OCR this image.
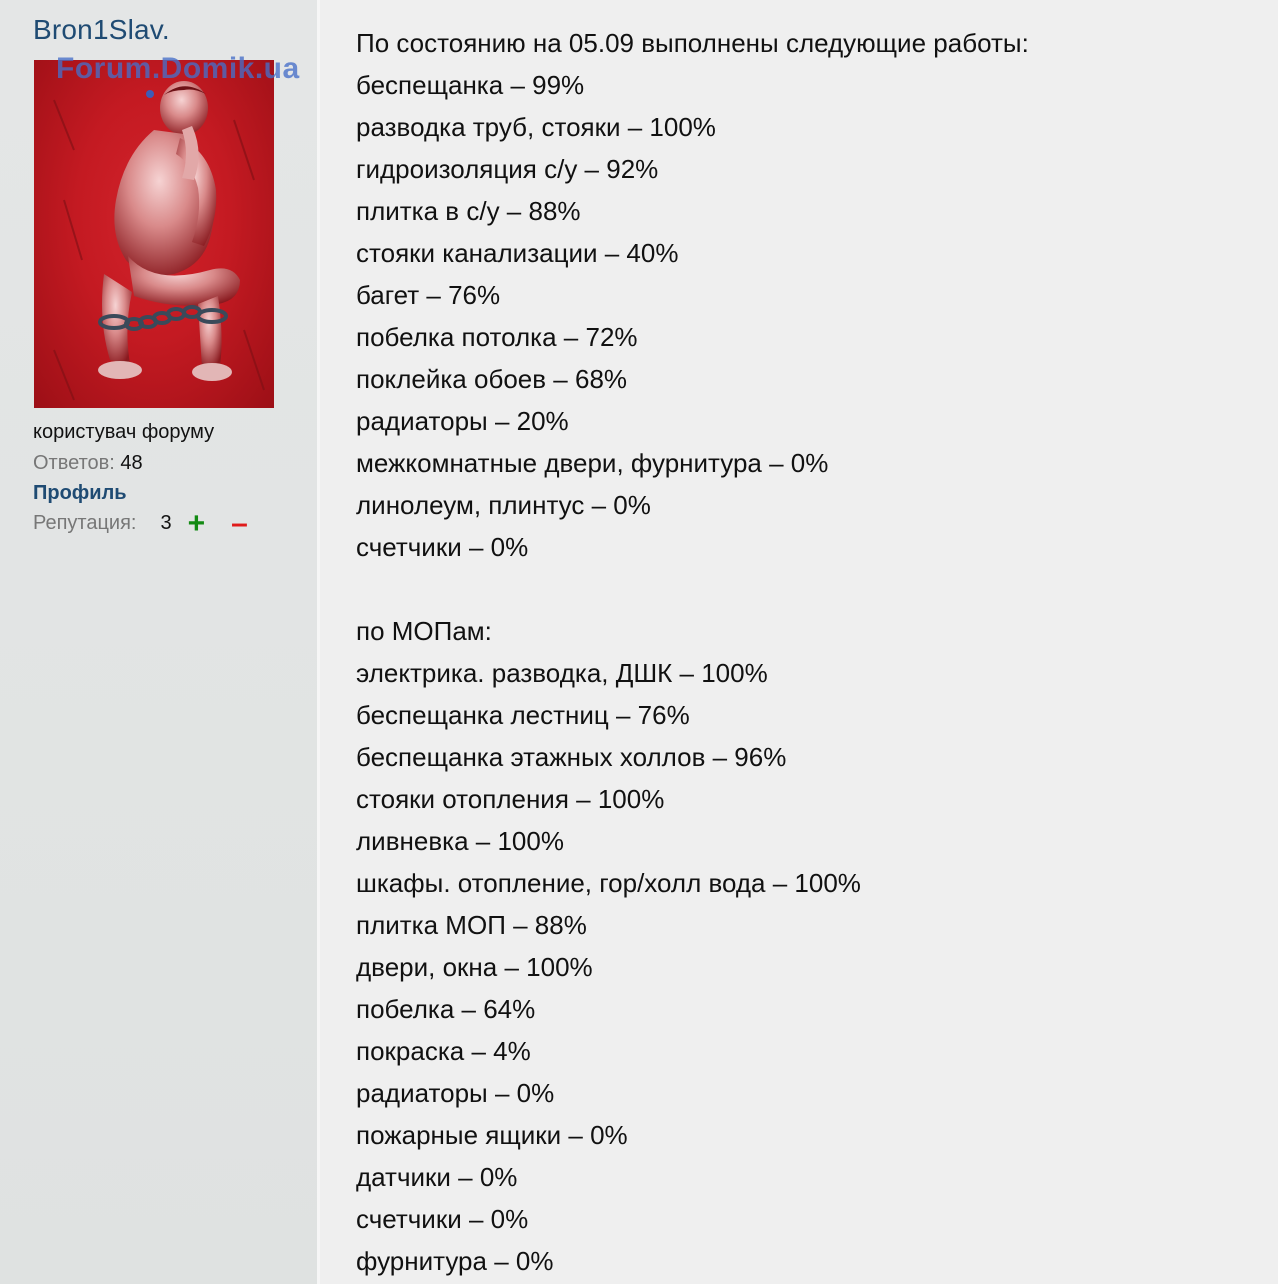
Bron1Slav.
Forum.Domik.ua
користувач форуму
Ответов: 48
Профиль
Репутация: 3 + –
По состоянию на 05.09 выполнены следующие работы:
беспещанка – 99%
разводка труб, стояки – 100%
гидроизоляция с/у – 92%
плитка в с/у – 88%
стояки канализации – 40%
багет – 76%
побелка потолка – 72%
поклейка обоев – 68%
радиаторы – 20%
межкомнатные двери, фурнитура – 0%
линолеум, плинтус – 0%
счетчики – 0%
по МОПам:
электрика. разводка, ДШК – 100%
беспещанка лестниц – 76%
беспещанка этажных холлов – 96%
стояки отопления – 100%
ливневка – 100%
шкафы. отопление, гор/холл вода – 100%
плитка МОП – 88%
двери, окна – 100%
побелка – 64%
покраска – 4%
радиаторы – 0%
пожарные ящики – 0%
датчики – 0%
счетчики – 0%
фурнитура – 0%
